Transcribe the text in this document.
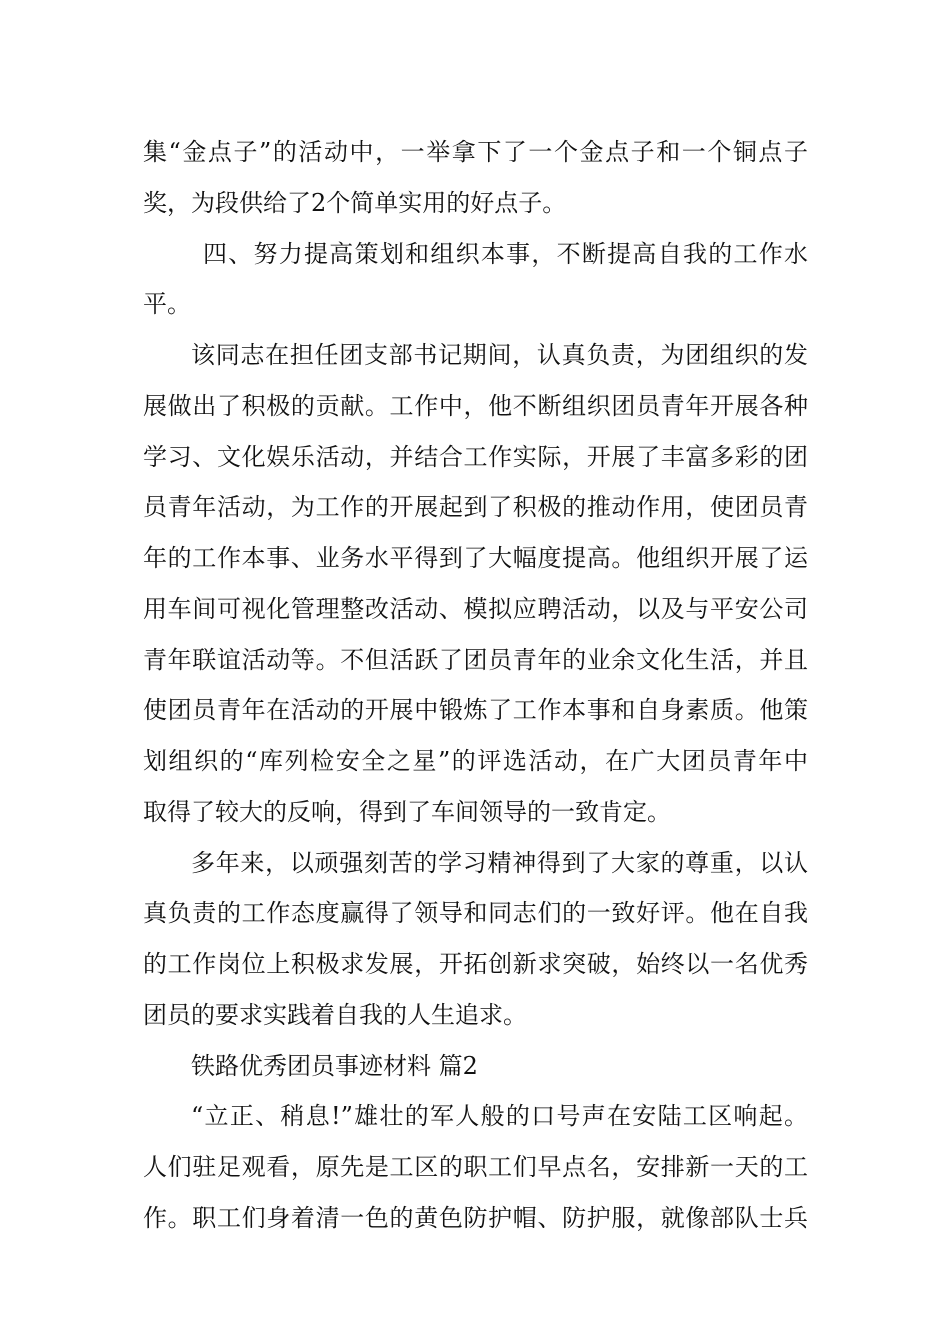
集“金点子”的活动中，一举拿下了一个金点子和一个铜点子
奖，为段供给了2个简单实用的好点子。
四、努力提高策划和组织本事，不断提高自我的工作水
平。
该同志在担任团支部书记期间，认真负责，为团组织的发
展做出了积极的贡献。工作中，他不断组织团员青年开展各种
学习、文化娱乐活动，并结合工作实际，开展了丰富多彩的团
员青年活动，为工作的开展起到了积极的推动作用，使团员青
年的工作本事、业务水平得到了大幅度提高。他组织开展了运
用车间可视化管理整改活动、模拟应聘活动，以及与平安公司
青年联谊活动等。不但活跃了团员青年的业余文化生活，并且
使团员青年在活动的开展中锻炼了工作本事和自身素质。他策
划组织的“库列检安全之星”的评选活动，在广大团员青年中
取得了较大的反响，得到了车间领导的一致肯定。
多年来，以顽强刻苦的学习精神得到了大家的尊重，以认
真负责的工作态度赢得了领导和同志们的一致好评。他在自我
的工作岗位上积极求发展，开拓创新求突破，始终以一名优秀
团员的要求实践着自我的人生追求。
铁路优秀团员事迹材料 篇2
“立正、稍息!”雄壮的军人般的口号声在安陆工区响起。
人们驻足观看，原先是工区的职工们早点名，安排新一天的工
作。职工们身着清一色的黄色防护帽、防护服，就像部队士兵
